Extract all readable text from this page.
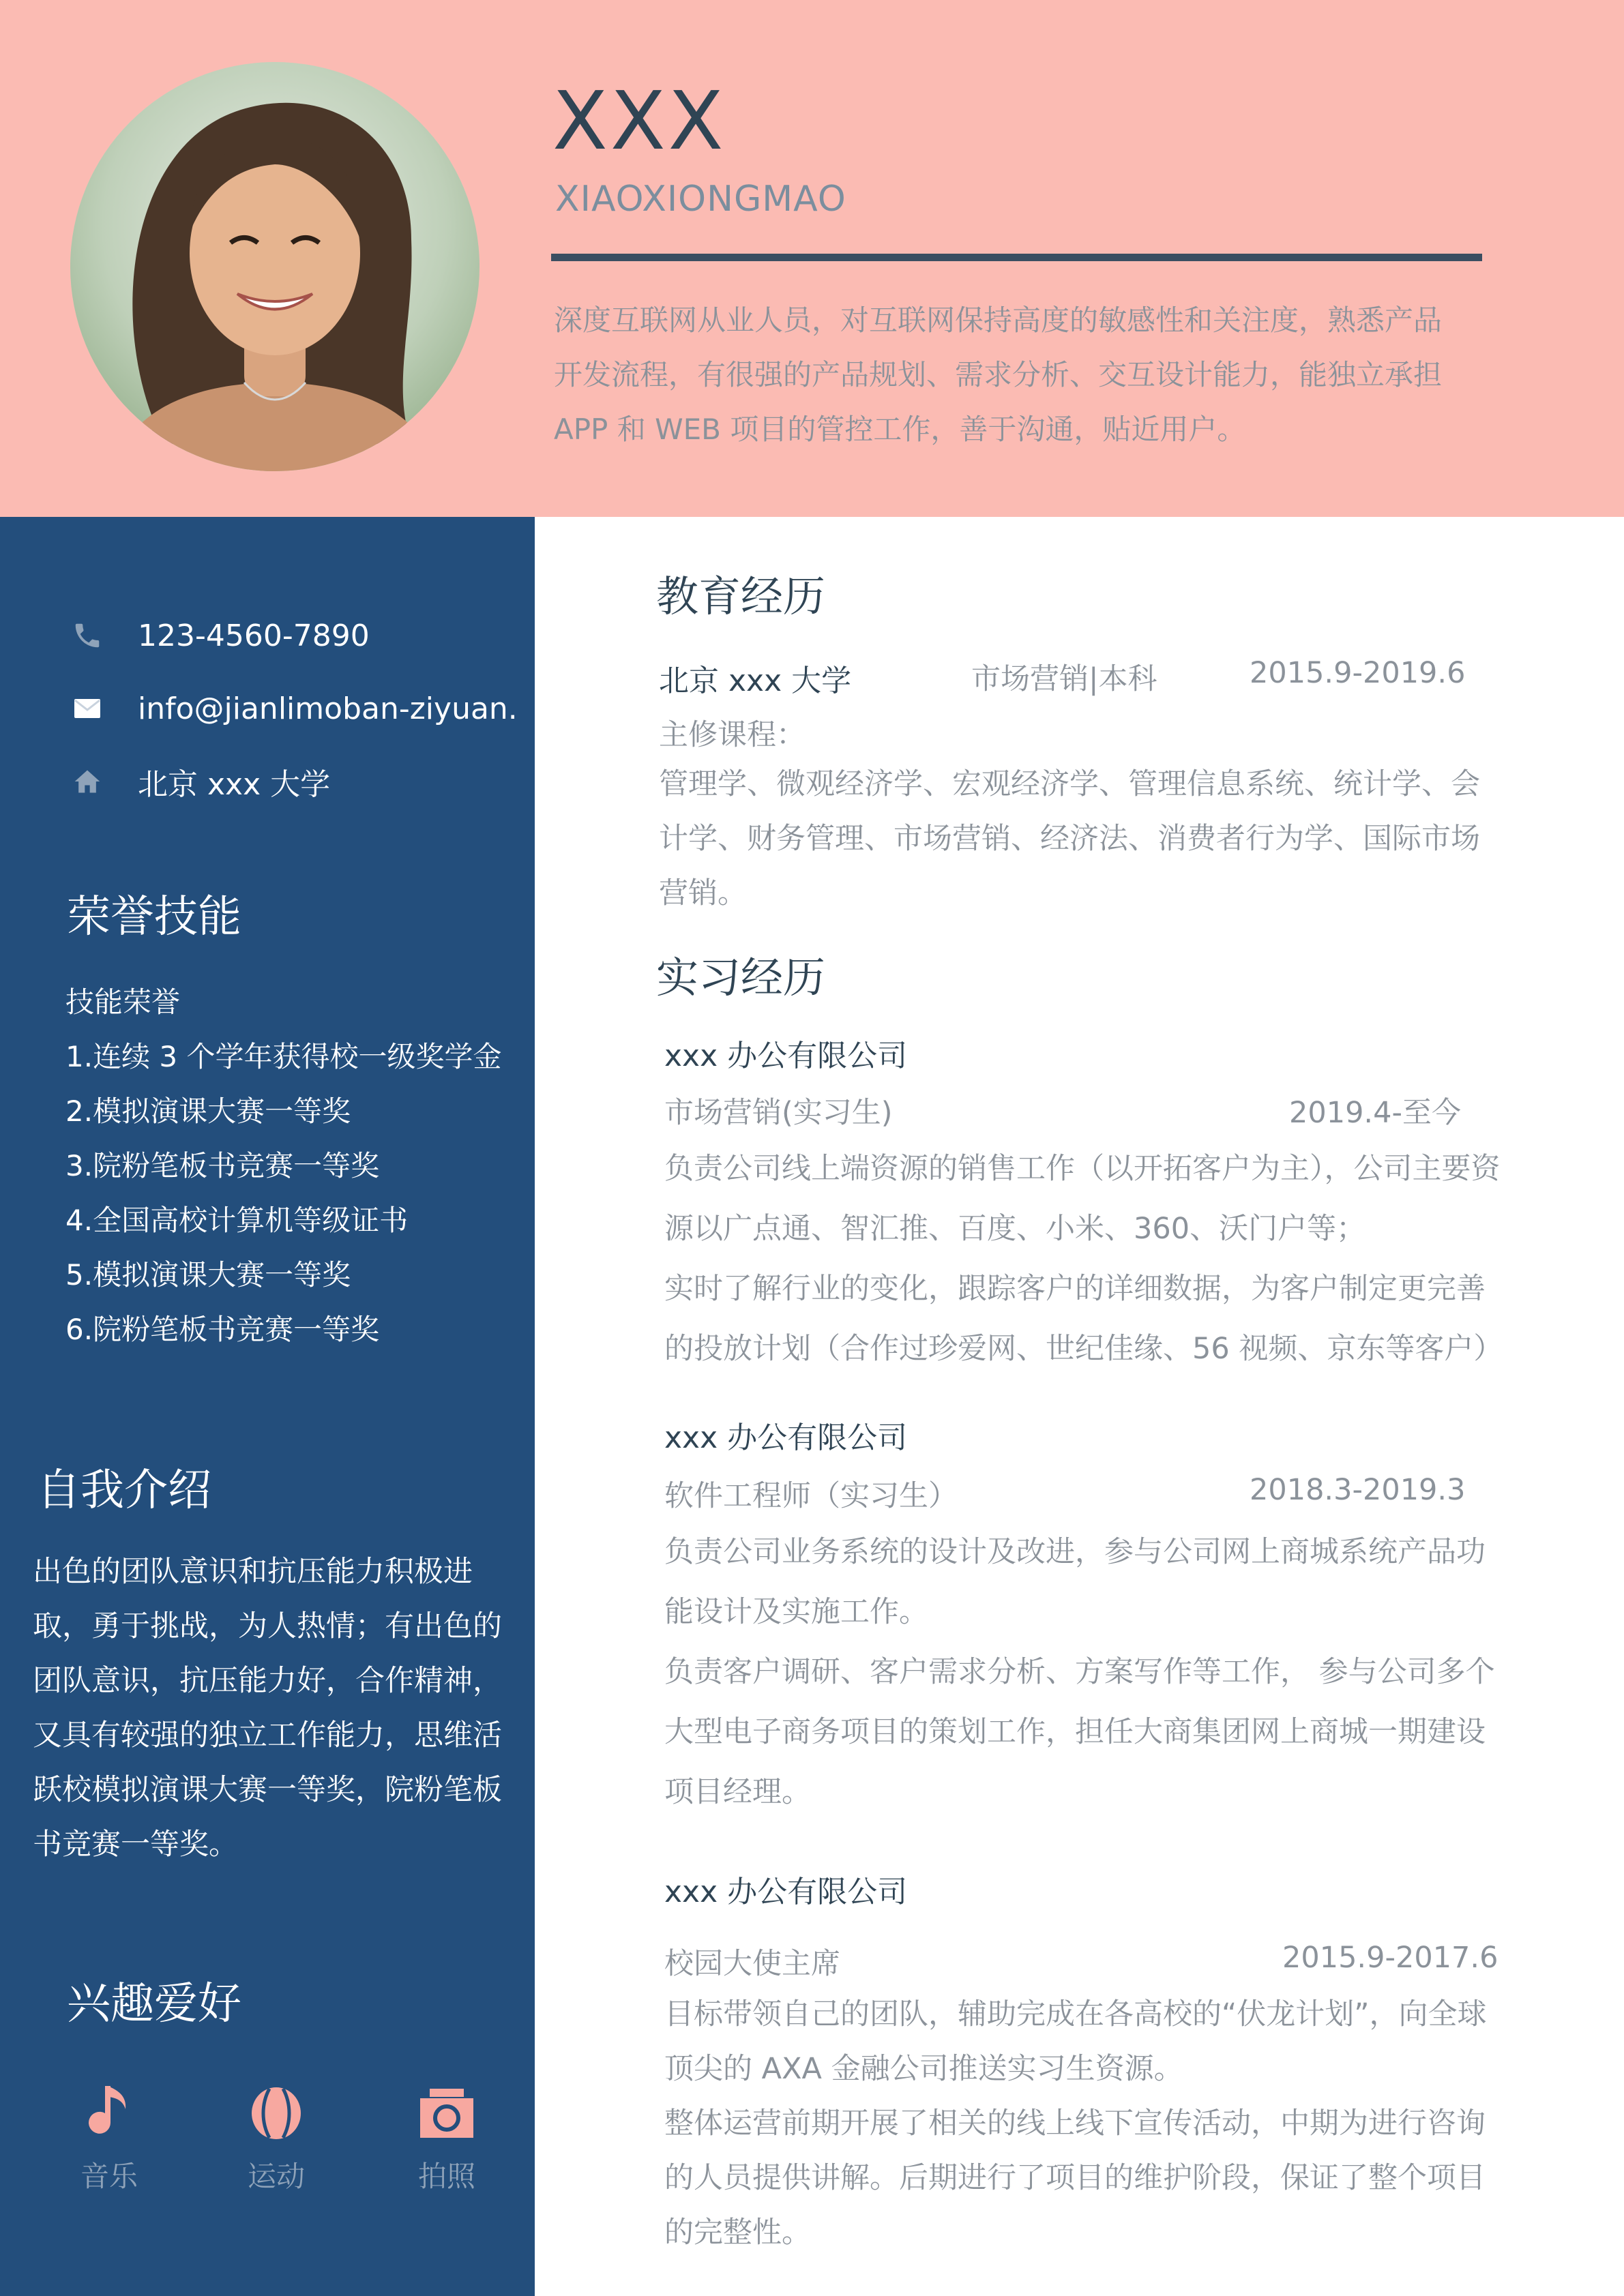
XXX
XIAOXIONGMAO
深度互联网从业人员，对互联网保持高度的敏感性和关注度，熟悉产品
开发流程，有很强的产品规划、需求分析、交互设计能力，能独立承担
APP 和 WEB 项目的管控工作，善于沟通，贴近用户。
123-4560-7890
info@jianlimoban-ziyuan.
北京 xxx 大学
荣誉技能
技能荣誉
1.连续 3 个学年获得校一级奖学金
2.模拟演课大赛一等奖
3.院粉笔板书竞赛一等奖
4.全国高校计算机等级证书
5.模拟演课大赛一等奖
6.院粉笔板书竞赛一等奖
自我介绍
出色的团队意识和抗压能力积极进
取，勇于挑战，为人热情；有出色的
团队意识，抗压能力好，合作精神，
又具有较强的独立工作能力，思维活
跃校模拟演课大赛一等奖，院粉笔板
书竞赛一等奖。
兴趣爱好
音乐	运动	拍照
教育经历
北京 xxx 大学	市场营销|本科	2015.9-2019.6
主修课程：
管理学、微观经济学、宏观经济学、管理信息系统、统计学、会
计学、财务管理、市场营销、经济法、消费者行为学、国际市场
营销。
实习经历
xxx 办公有限公司
市场营销(实习生)	2019.4-至今
负责公司线上端资源的销售工作（以开拓客户为主），公司主要资
源以广点通、智汇推、百度、小米、360、沃门户等；
实时了解行业的变化，跟踪客户的详细数据，为客户制定更完善
的投放计划（合作过珍爱网、世纪佳缘、56 视频、京东等客户）
xxx 办公有限公司
软件工程师（实习生）	2018.3-2019.3
负责公司业务系统的设计及改进，参与公司网上商城系统产品功
能设计及实施工作。
负责客户调研、客户需求分析、方案写作等工作， 参与公司多个
大型电子商务项目的策划工作，担任大商集团网上商城一期建设
项目经理。
xxx 办公有限公司
校园大使主席	2015.9-2017.6
目标带领自己的团队，辅助完成在各高校的“伏龙计划”，向全球
顶尖的 AXA 金融公司推送实习生资源。
整体运营前期开展了相关的线上线下宣传活动，中期为进行咨询
的人员提供讲解。后期进行了项目的维护阶段，保证了整个项目
的完整性。
